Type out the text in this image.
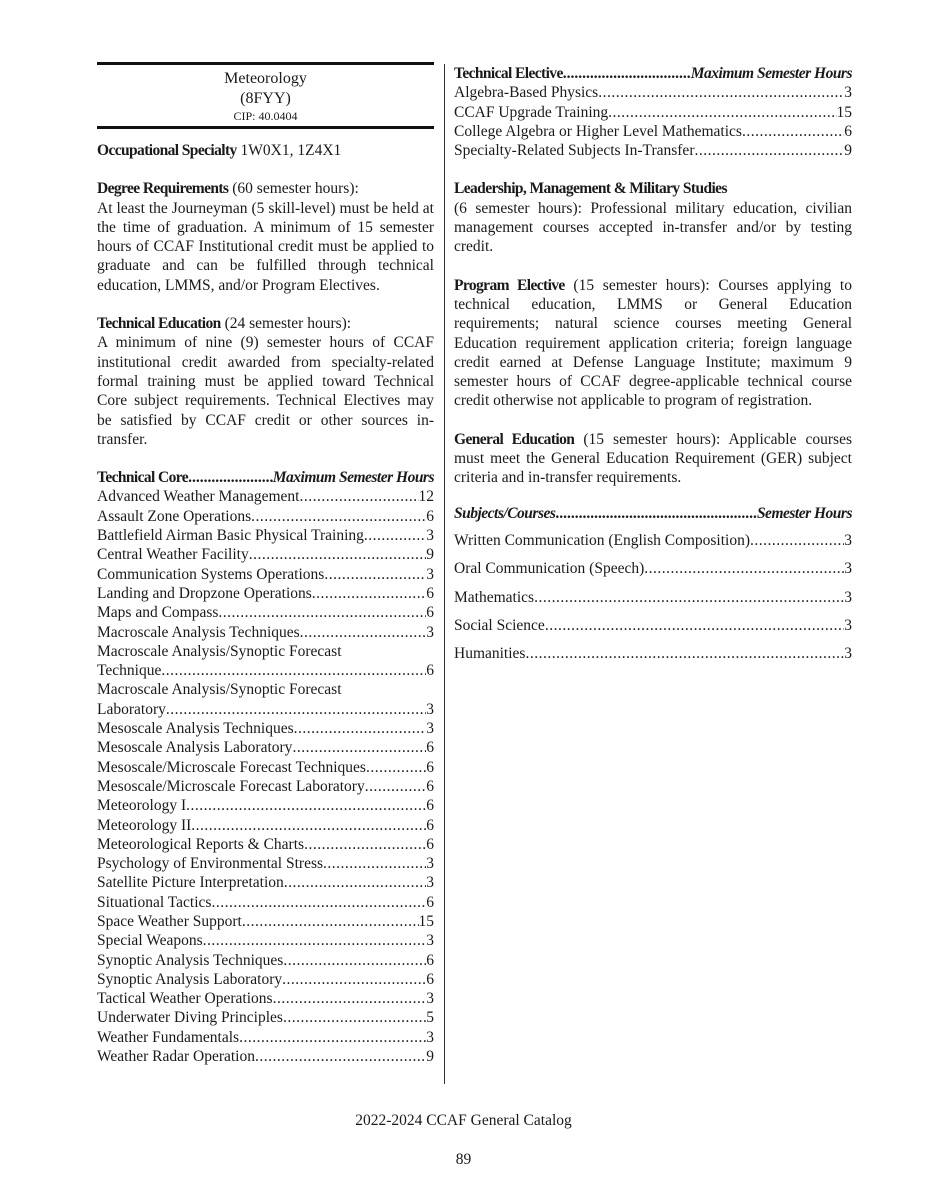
Meteorology
(8FYY)
CIP: 40.0404

Occupational Specialty 1W0X1, 1Z4X1

Degree Requirements (60 semester hours):

At least the Journeyman (5 skill-level) must be held at the time of graduation. A minimum of 15 semester hours of CCAF Institutional credit must be applied to graduate and can be fulfilled through technical education, LMMS, and/or Program Electives.

Technical Education (24 semester hours):

A minimum of nine (9) semester hours of CCAF institutional credit awarded from specialty-related formal training must be applied toward Technical Core subject requirements. Technical Electives may be satisfied by CCAF credit or other sources in-transfer.

Technical Core .....	Maximum Semester Hours
Advanced Weather Management .....	12
Assault Zone Operations .....	6
Battlefield Airman Basic Physical Training .....	3
Central Weather Facility .....	9
Communication Systems Operations .....	3
Landing and Dropzone Operations .....	6
Maps and Compass .....	6
Macroscale Analysis Techniques .....	3
Macroscale Analysis/Synoptic Forecast
Technique .....	6
Macroscale Analysis/Synoptic Forecast
Laboratory .....	3
Mesoscale Analysis Techniques .....	3
Mesoscale Analysis Laboratory .....	6
Mesoscale/Microscale Forecast Techniques .....	6
Mesoscale/Microscale Forecast Laboratory .....	6
Meteorology I .....	6
Meteorology II .....	6
Meteorological Reports & Charts .....	6
Psychology of Environmental Stress .....	3
Satellite Picture Interpretation .....	3
Situational Tactics .....	6
Space Weather Support .....	15
Special Weapons .....	3
Synoptic Analysis Techniques .....	6
Synoptic Analysis Laboratory .....	6
Tactical Weather Operations .....	3
Underwater Diving Principles .....	5
Weather Fundamentals .....	3
Weather Radar Operation .....	9
Technical Elective .....	Maximum Semester Hours
Algebra-Based Physics .....	3
CCAF Upgrade Training .....	15
College Algebra or Higher Level Mathematics .....	6
Specialty-Related Subjects In-Transfer .....	9

Leadership, Management & Military Studies

(6 semester hours): Professional military education, civilian management courses accepted in-transfer and/or by testing credit.

Program Elective (15 semester hours): Courses applying to technical education, LMMS or General Education requirements; natural science courses meeting General Education requirement application criteria; foreign language credit earned at Defense Language Institute; maximum 9 semester hours of CCAF degree-applicable technical course credit otherwise not applicable to program of registration.

General Education (15 semester hours): Applicable courses must meet the General Education Requirement (GER) subject criteria and in-transfer requirements.

Subjects/Courses .....	Semester Hours
Written Communication (English Composition) .....	3
Oral Communication (Speech) .....	3
Mathematics .....	3
Social Science .....	3
Humanities .....	3
2022-2024 CCAF General Catalog
89
